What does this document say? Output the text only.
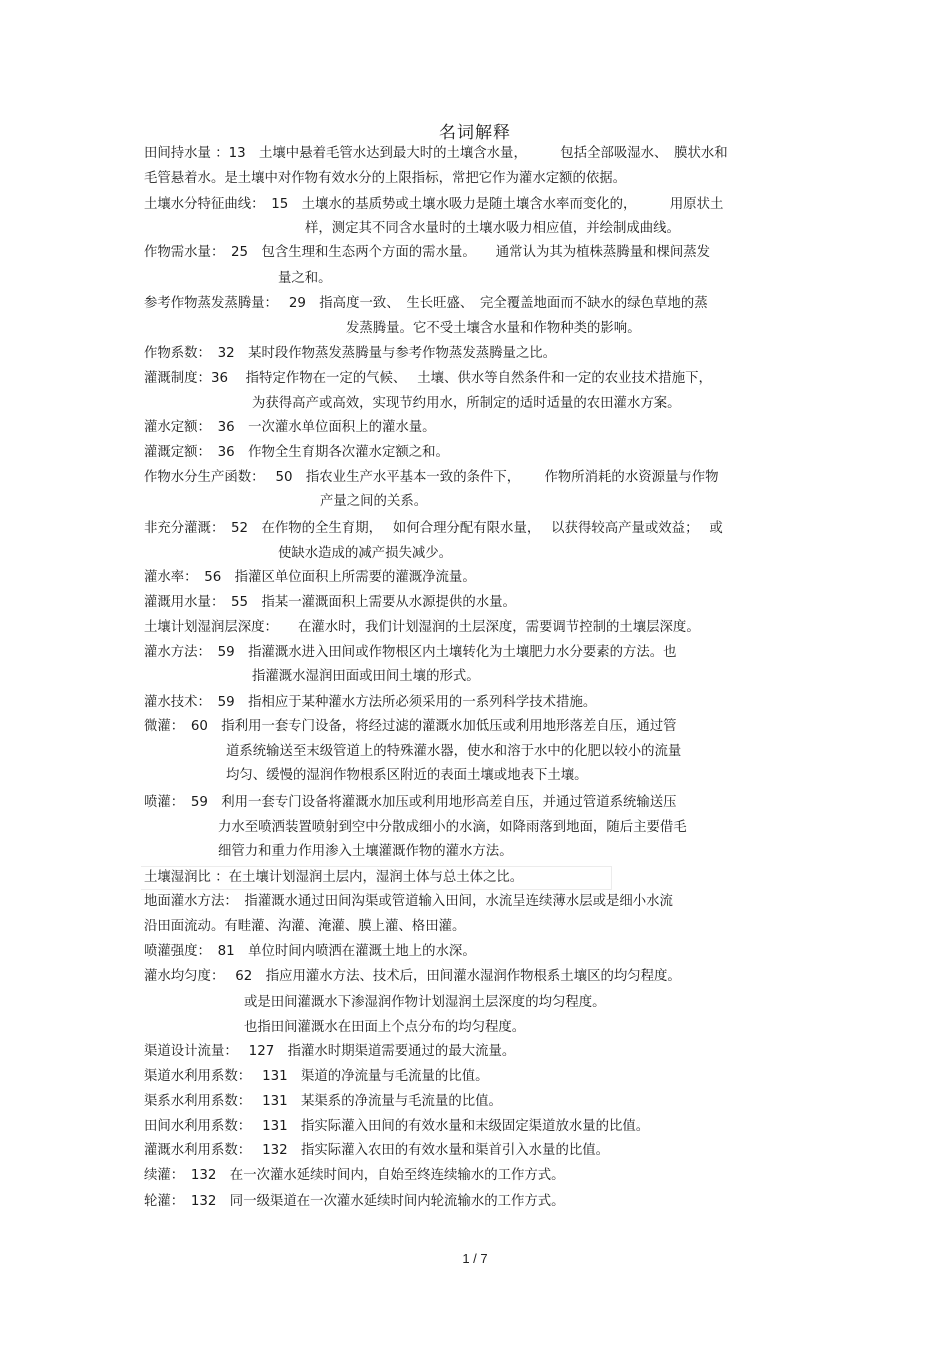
名词解释
田间持水量 ：13　土壤中悬着毛管水达到最大时的土壤含水量，　　　包括全部吸湿水、　膜状水和
毛管悬着水。是土壤中对作物有效水分的上限指标，常把它作为灌水定额的依据。
土壤水分特征曲线：　15　土壤水的基质势或土壤水吸力是随土壤含水率而变化的，　　　用原状土
样，测定其不同含水量时的土壤水吸力相应值，并绘制成曲线。
作物需水量：　25　包含生理和生态两个方面的需水量。　　通常认为其为植株蒸腾量和棵间蒸发
量之和。
参考作物蒸发蒸腾量：　 29　指高度一致、　生长旺盛、　完全覆盖地面而不缺水的绿色草地的蒸
发蒸腾量。它不受土壤含水量和作物种类的影响。
作物系数：　32　某时段作物蒸发蒸腾量与参考作物蒸发蒸腾量之比。
灌溉制度：36　 指特定作物在一定的气候、　 土壤、供水等自然条件和一定的农业技术措施下，
为获得高产或高效，实现节约用水，所制定的适时适量的农田灌水方案。
灌水定额：　36　一次灌水单位面积上的灌水量。
灌溉定额：　36　作物全生育期各次灌水定额之和。
作物水分生产函数：　 50　指农业生产水平基本一致的条件下，　　 作物所消耗的水资源量与作物
产量之间的关系。
非充分灌溉：　52　在作物的全生育期，　 如何合理分配有限水量，　 以获得较高产量或效益；　 或
使缺水造成的减产损失减少。
灌水率：　56　指灌区单位面积上所需要的灌溉净流量。
灌溉用水量：　55　指某一灌溉面积上需要从水源提供的水量。
土壤计划湿润层深度：　　在灌水时，我们计划湿润的土层深度，需要调节控制的土壤层深度。
灌水方法：　59　指灌溉水进入田间或作物根区内土壤转化为土壤肥力水分要素的方法。也
指灌溉水湿润田面或田间土壤的形式。
灌水技术：　59　指相应于某种灌水方法所必须采用的一系列科学技术措施。
微灌：　60　指利用一套专门设备，将经过滤的灌溉水加低压或利用地形落差自压，通过管
道系统输送至末级管道上的特殊灌水器，使水和溶于水中的化肥以较小的流量
均匀、缓慢的湿润作物根系区附近的表面土壤或地表下土壤。
喷灌：　59　利用一套专门设备将灌溉水加压或利用地形高差自压，并通过管道系统输送压
力水至喷洒装置喷射到空中分散成细小的水滴，如降雨落到地面，随后主要借毛
细管力和重力作用渗入土壤灌溉作物的灌水方法。
土壤湿润比 ：在土壤计划湿润土层内，湿润土体与总土体之比。
地面灌水方法：　指灌溉水通过田间沟渠或管道输入田间，水流呈连续薄水层或是细小水流
沿田面流动。有畦灌、沟灌、淹灌、膜上灌、格田灌。
喷灌强度：　81　单位时间内喷洒在灌溉土地上的水深。
灌水均匀度：　 62　指应用灌水方法、技术后，田间灌水湿润作物根系土壤区的均匀程度。
或是田间灌溉水下渗湿润作物计划湿润土层深度的均匀程度。
也指田间灌溉水在田面上个点分布的均匀程度。
渠道设计流量：　 127　指灌水时期渠道需要通过的最大流量。
渠道水利用系数：　 131　渠道的净流量与毛流量的比值。
渠系水利用系数：　 131　某渠系的净流量与毛流量的比值。
田间水利用系数：　 131　指实际灌入田间的有效水量和末级固定渠道放水量的比值。
灌溉水利用系数：　 132　指实际灌入农田的有效水量和渠首引入水量的比值。
续灌：　132　在一次灌水延续时间内，自始至终连续输水的工作方式。
轮灌：　132　同一级渠道在一次灌水延续时间内轮流输水的工作方式。
1 / 7
